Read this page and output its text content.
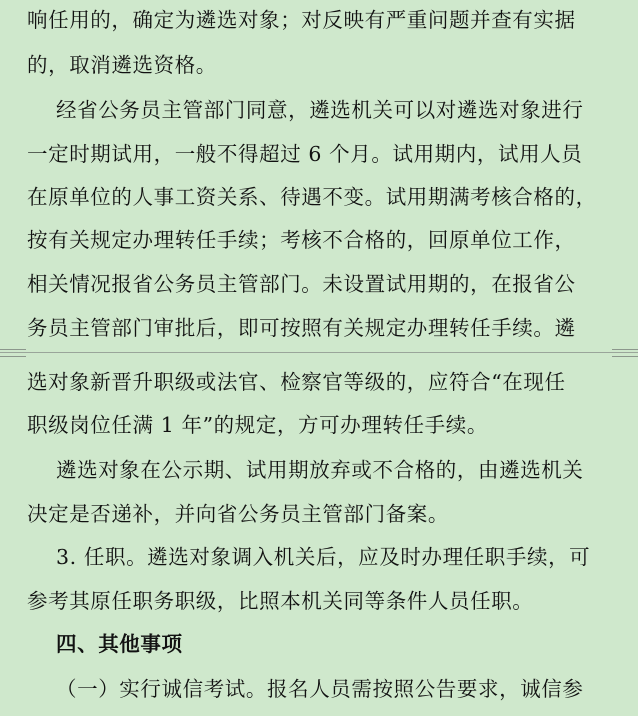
响任用的，确定为遴选对象；对反映有严重问题并查有实据
的，取消遴选资格。
经省公务员主管部门同意，遴选机关可以对遴选对象进行
一定时期试用，一般不得超过 6 个月。试用期内，试用人员
在原单位的人事工资关系、待遇不变。试用期满考核合格的，
按有关规定办理转任手续；考核不合格的，回原单位工作，
相关情况报省公务员主管部门。未设置试用期的，在报省公
务员主管部门审批后，即可按照有关规定办理转任手续。遴
选对象新晋升职级或法官、检察官等级的，应符合“在现任
职级岗位任满 1 年”的规定，方可办理转任手续。
遴选对象在公示期、试用期放弃或不合格的，由遴选机关
决定是否递补，并向省公务员主管部门备案。
3. 任职。遴选对象调入机关后，应及时办理任职手续，可
参考其原任职务职级，比照本机关同等条件人员任职。
四、其他事项
（一）实行诚信考试。报名人员需按照公告要求，诚信参
